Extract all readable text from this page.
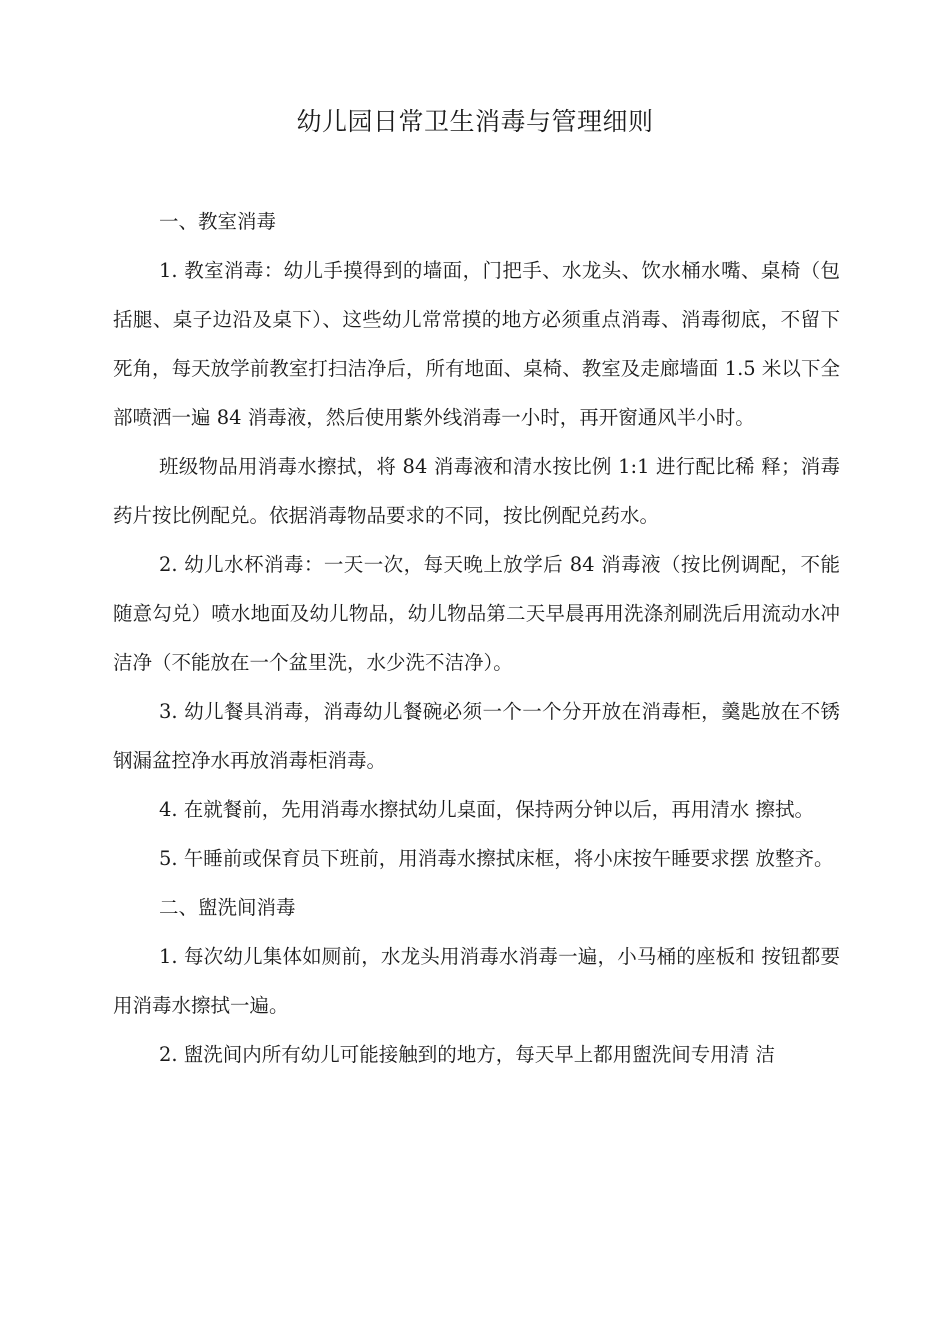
幼儿园日常卫生消毒与管理细则

一、教室消毒

1. 教室消毒：幼儿手摸得到的墙面，门把手、水龙头、饮水桶水嘴、桌椅（包括腿、桌子边沿及桌下）、这些幼儿常常摸的地方必须重点消毒、消毒彻底，不留下死角，每天放学前教室打扫洁净后，所有地面、桌椅、教室及走廊墙面 1.5 米以下全部喷洒一遍 84 消毒液，然后使用紫外线消毒一小时，再开窗通风半小时。

班级物品用消毒水擦拭，将 84 消毒液和清水按比例 1:1 进行配比稀 释；消毒药片按比例配兑。依据消毒物品要求的不同，按比例配兑药水。

2. 幼儿水杯消毒：一天一次，每天晚上放学后 84 消毒液（按比例调配，不能随意勾兑）喷水地面及幼儿物品，幼儿物品第二天早晨再用洗涤剂刷洗后用流动水冲洁净（不能放在一个盆里洗，水少洗不洁净）。

3. 幼儿餐具消毒，消毒幼儿餐碗必须一个一个分开放在消毒柜，羹匙放在不锈钢漏盆控净水再放消毒柜消毒。

4. 在就餐前，先用消毒水擦拭幼儿桌面，保持两分钟以后，再用清水 擦拭。

5. 午睡前或保育员下班前，用消毒水擦拭床框，将小床按午睡要求摆 放整齐。

二、盥洗间消毒

1. 每次幼儿集体如厕前，水龙头用消毒水消毒一遍，小马桶的座板和 按钮都要用消毒水擦拭一遍。

2. 盥洗间内所有幼儿可能接触到的地方，每天早上都用盥洗间专用清 洁
